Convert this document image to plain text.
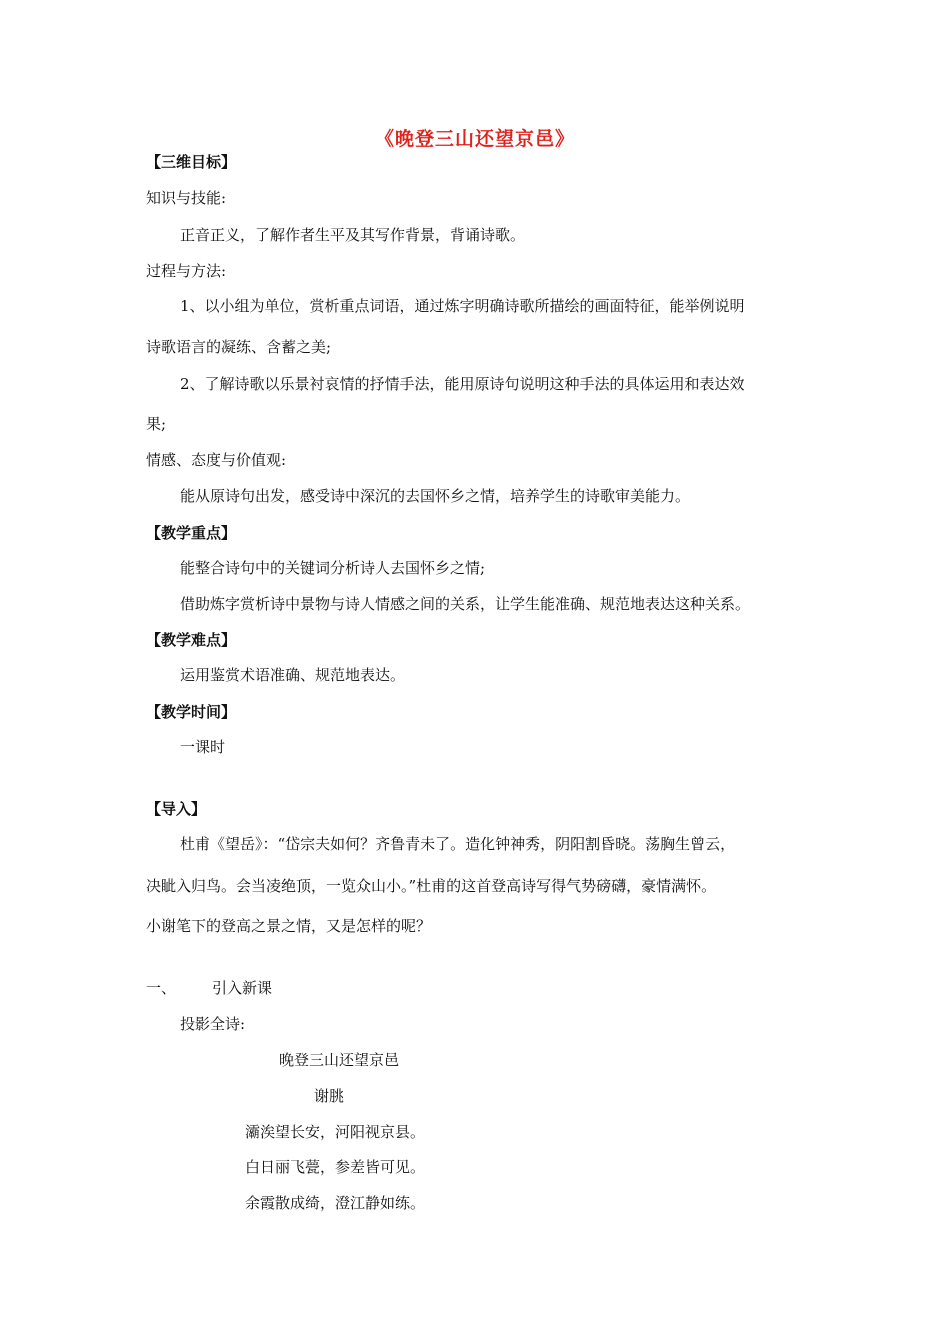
《晚登三山还望京邑》
【三维目标】
知识与技能:
正音正义，了解作者生平及其写作背景，背诵诗歌。
过程与方法:
1、以小组为单位，赏析重点词语，通过炼字明确诗歌所描绘的画面特征，能举例说明
诗歌语言的凝练、含蓄之美;
2、了解诗歌以乐景衬哀情的抒情手法，能用原诗句说明这种手法的具体运用和表达效
果;
情感、态度与价值观:
能从原诗句出发，感受诗中深沉的去国怀乡之情，培养学生的诗歌审美能力。
【教学重点】
能整合诗句中的关键词分析诗人去国怀乡之情;
借助炼字赏析诗中景物与诗人情感之间的关系，让学生能准确、规范地表达这种关系。
【教学难点】
运用鉴赏术语准确、规范地表达。
【教学时间】
一课时
【导入】
杜甫《望岳》：“岱宗夫如何？齐鲁青未了。造化钟神秀，阴阳割昏晓。荡胸生曾云，
决眦入归鸟。会当凌绝顶，一览众山小。”杜甫的这首登高诗写得气势磅礴，豪情满怀。
小谢笔下的登高之景之情，又是怎样的呢？
一、 引入新课
投影全诗:
晚登三山还望京邑
谢朓
灞涘望长安，河阳视京县。
白日丽飞甍，参差皆可见。
余霞散成绮，澄江静如练。
